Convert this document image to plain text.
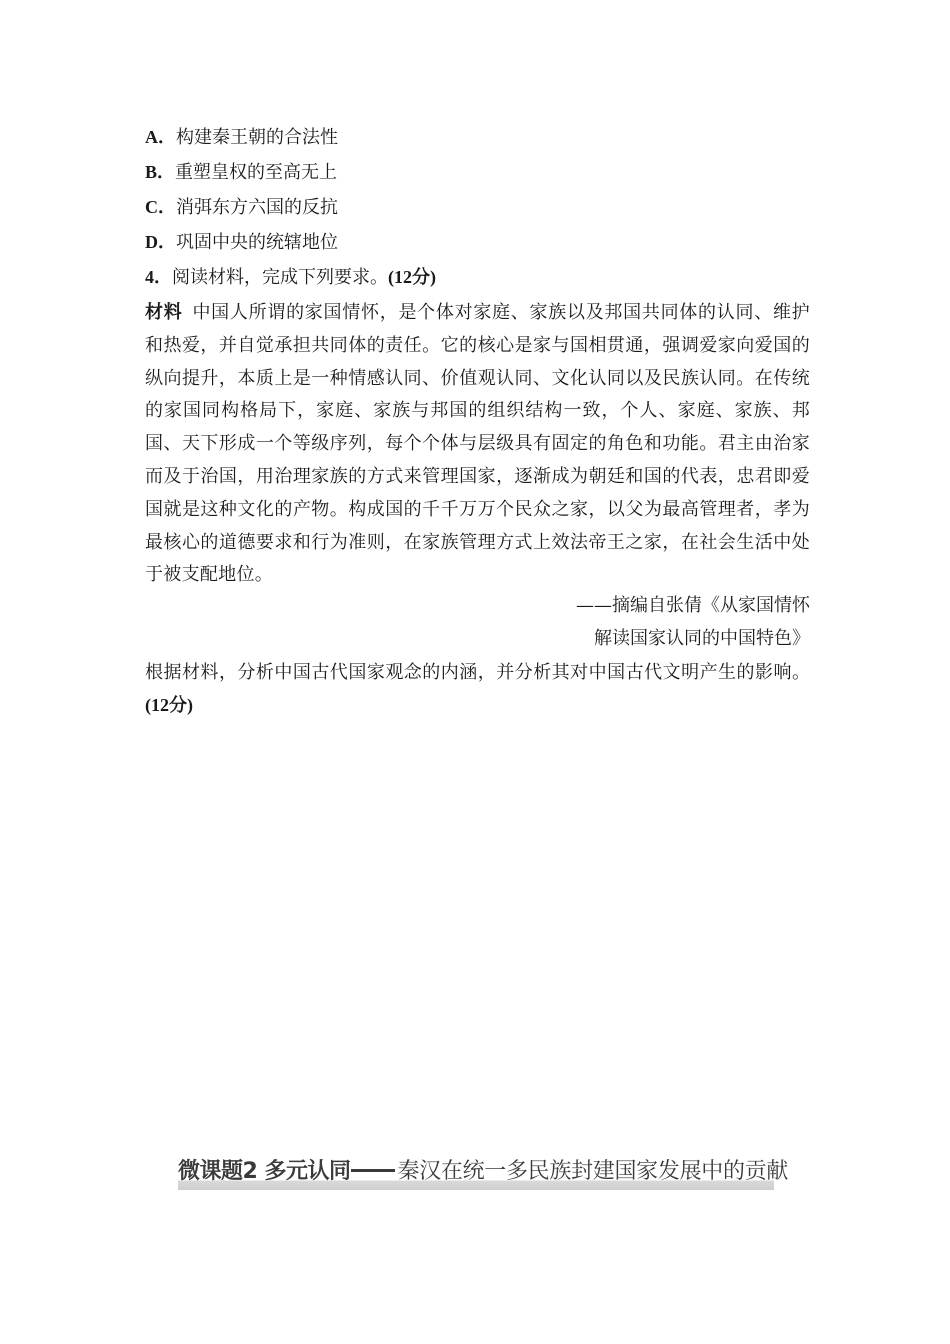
A．构建秦王朝的合法性
B．重塑皇权的至高无上
C．消弭东方六国的反抗
D．巩固中央的统辖地位
4．阅读材料，完成下列要求。(12分)
材料 中国人所谓的家国情怀，是个体对家庭、家族以及邦国共同体的认同、维护和热爱，并自觉承担共同体的责任。它的核心是家与国相贯通，强调爱家向爱国的纵向提升，本质上是一种情感认同、价值观认同、文化认同以及民族认同。在传统的家国同构格局下，家庭、家族与邦国的组织结构一致，个人、家庭、家族、邦国、天下形成一个等级序列，每个个体与层级具有固定的角色和功能。君主由治家而及于治国，用治理家族的方式来管理国家，逐渐成为朝廷和国的代表，忠君即爱国就是这种文化的产物。构成国的千千万万个民众之家，以父为最高管理者，孝为最核心的道德要求和行为准则，在家族管理方式上效法帝王之家，在社会生活中处于被支配地位。
——摘编自张倩《从家国情怀
解读国家认同的中国特色》
根据材料，分析中国古代国家观念的内涵，并分析其对中国古代文明产生的影响。(12分)
微课题2 多元认同 秦汉在统一多民族封建国家发展中的贡献
